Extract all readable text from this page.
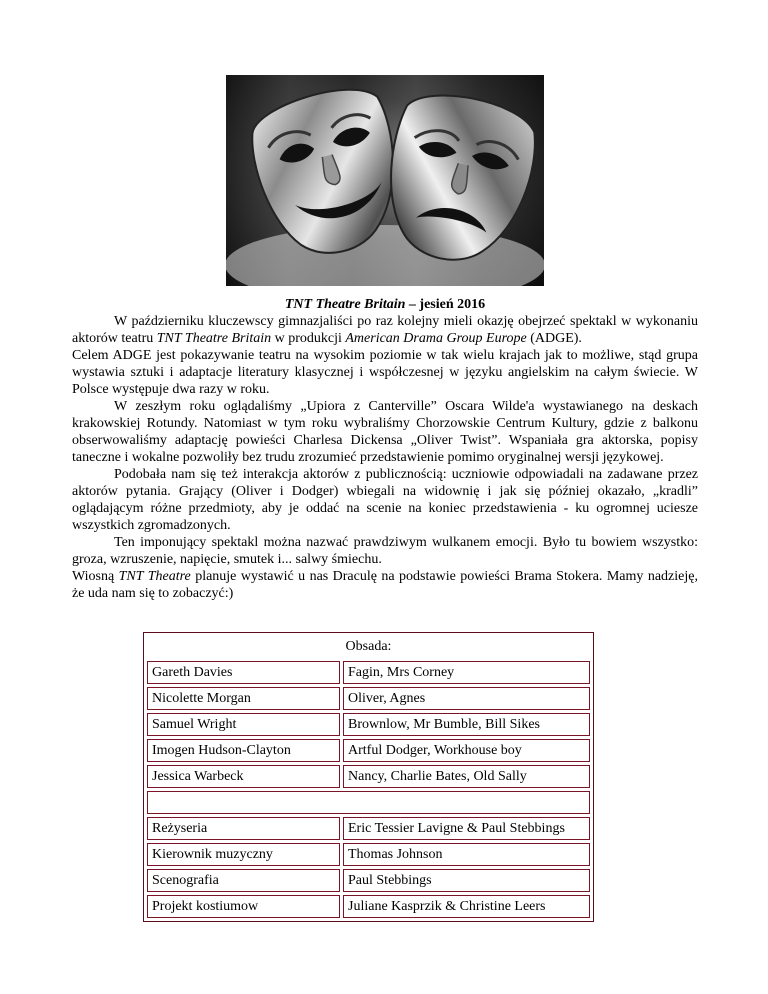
TNT Theatre Britain – jesień 2016

W październiku kluczewscy gimnazjaliści po raz kolejny mieli okazję obejrzeć spektakl w wykonaniu aktorów teatru TNT Theatre Britain w produkcji American Drama Group Europe (ADGE).

Celem ADGE jest pokazywanie teatru na wysokim poziomie w tak wielu krajach jak to możliwe, stąd grupa wystawia sztuki i adaptacje literatury klasycznej i współczesnej w języku angielskim na całym świecie. W Polsce występuje dwa razy w roku.

W zeszłym roku oglądaliśmy „Upiora z Canterville” Oscara Wilde'a wystawianego na deskach krakowskiej Rotundy. Natomiast w tym roku wybraliśmy Chorzowskie Centrum Kultury, gdzie z balkonu obserwowaliśmy adaptację powieści Charlesa Dickensa „Oliver Twist”. Wspaniała gra aktorska, popisy taneczne i wokalne pozwoliły bez trudu zrozumieć przedstawienie pomimo oryginalnej wersji językowej.

Podobała nam się też interakcja aktorów z publicznością: uczniowie odpowiadali na zadawane przez aktorów pytania. Grający (Oliver i Dodger) wbiegali na widownię i jak się później okazało, „kradli” oglądającym różne przedmioty, aby je oddać na scenie na koniec przedstawienia - ku ogromnej uciesze wszystkich zgromadzonych.

Ten imponujący spektakl można nazwać prawdziwym wulkanem emocji. Było tu bowiem wszystko: groza, wzruszenie, napięcie, smutek i... salwy śmiechu.

Wiosną TNT Theatre planuje wystawić u nas Draculę na podstawie powieści Brama Stokera. Mamy nadzieję, że uda nam się to zobaczyć:)

Obsada:	
Gareth Davies	Fagin, Mrs Corney
Nicolette Morgan	Oliver, Agnes
Samuel Wright	Brownlow, Mr Bumble, Bill Sikes
Imogen Hudson-Clayton	Artful Dodger, Workhouse boy
Jessica Warbeck	Nancy, Charlie Bates, Old Sally

Reżyseria	Eric Tessier Lavigne & Paul Stebbings
Kierownik muzyczny	Thomas Johnson
Scenografia	Paul Stebbings
Projekt kostiumow	Juliane Kasprzik & Christine Leers
